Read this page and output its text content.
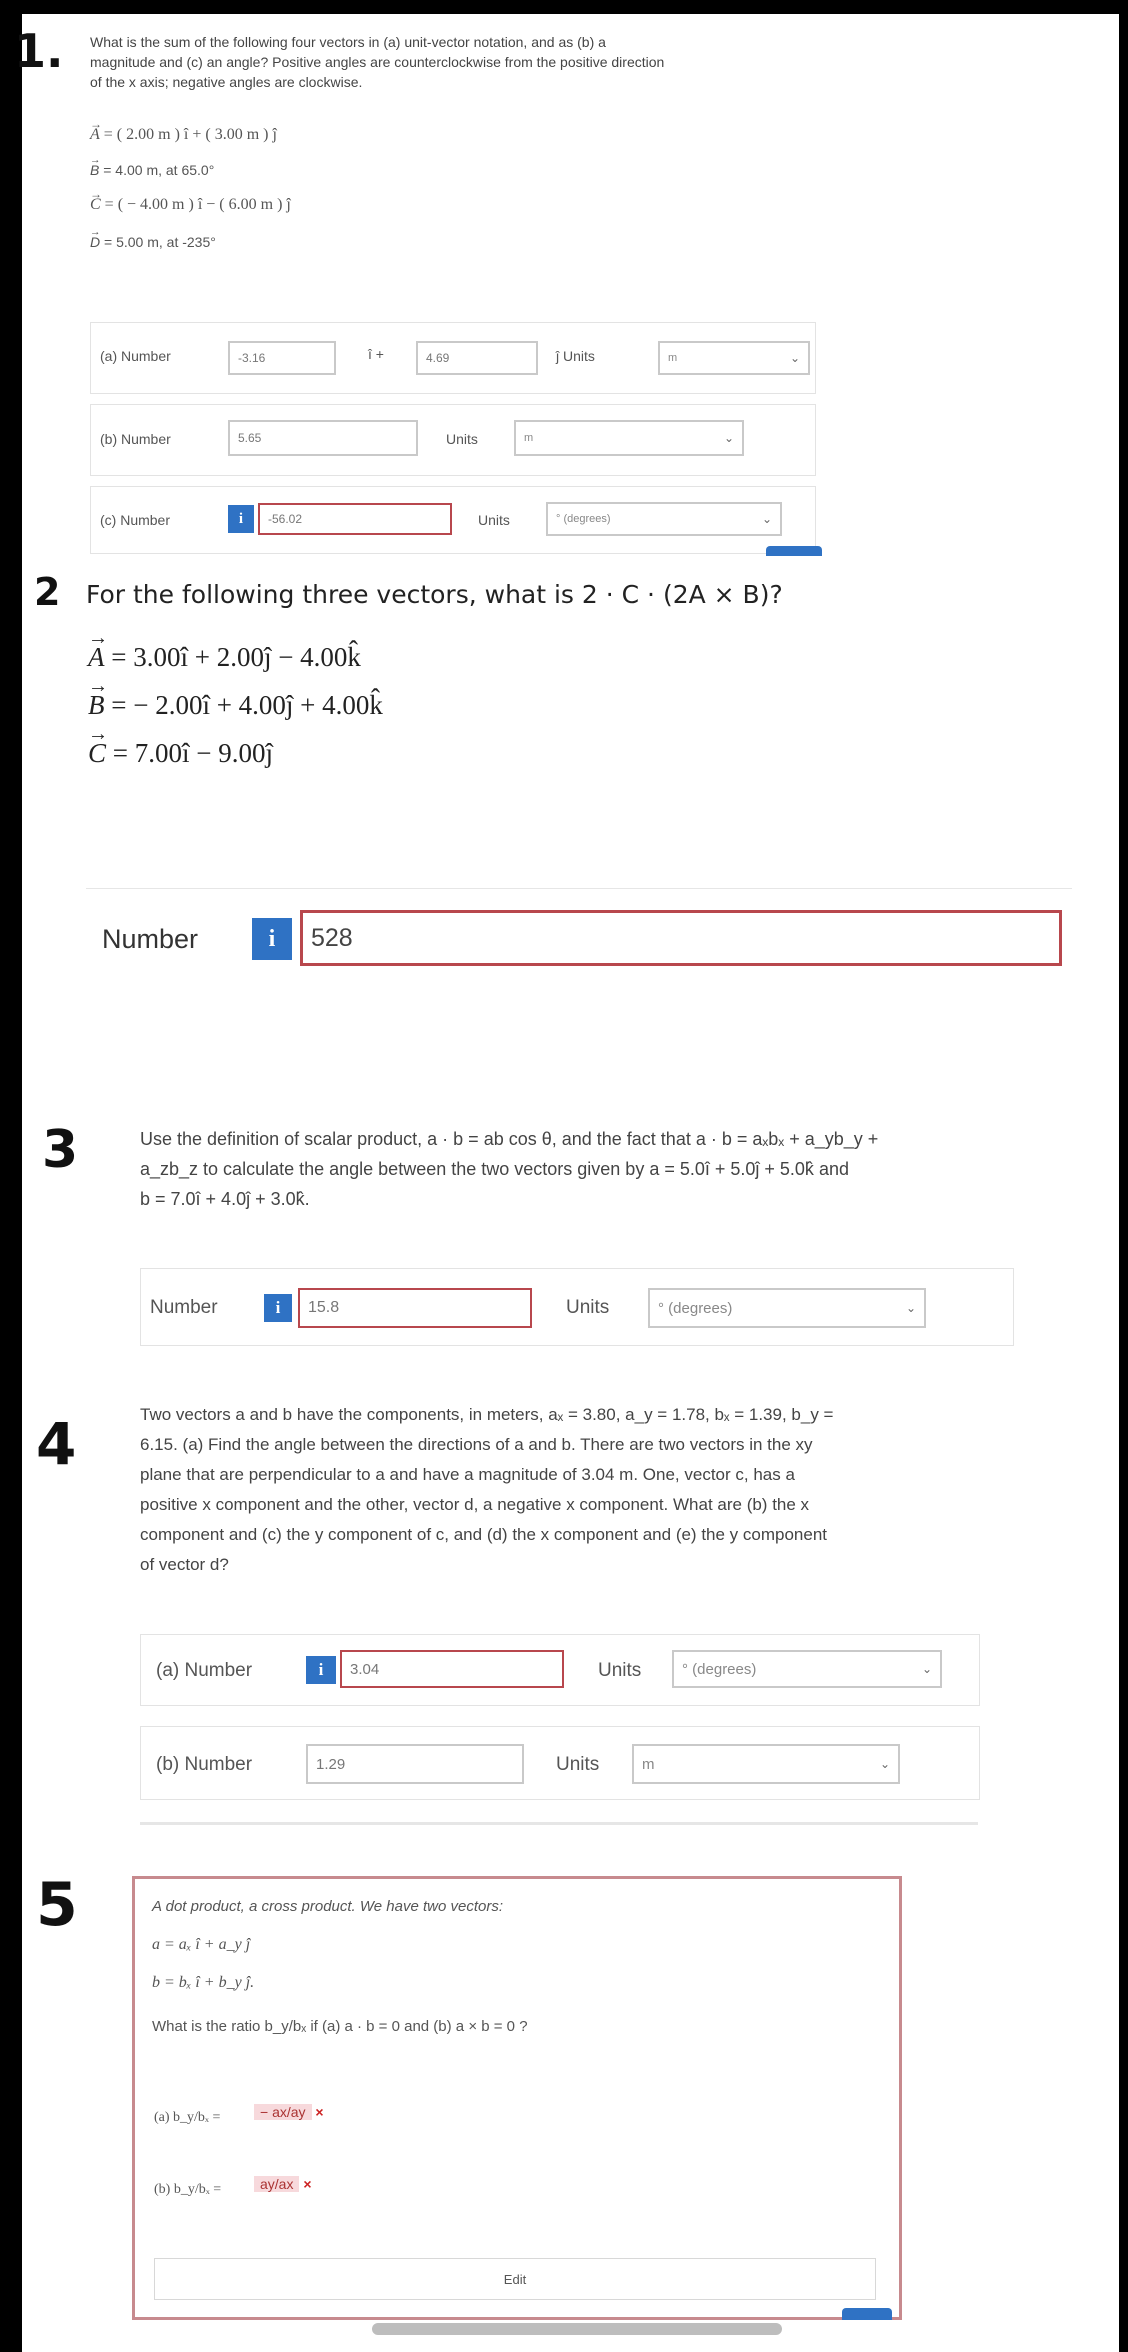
1. What is the sum of the following four vectors in (a) unit-vector notation, and as (b) a
magnitude and (c) an angle? Positive angles are counterclockwise from the positive direction
of the x axis; negative angles are clockwise.
→ A = ( 2.00 m ) î + ( 3.00 m ) ĵ
→ B = 4.00 m, at 65.0°
→ C = ( − 4.00 m ) î − ( 6.00 m ) ĵ
→ D = 5.00 m, at -235°
(a) Number	-3.16	î +	4.69	ĵ Units	m	⌄
(b) Number	5.65	Units	m	⌄
(c) Number	i	-56.02	Units	° (degrees)	⌄
2 For the following three vectors, what is 2 · C · (2A × B)?
→ A = 3.00î + 2.00ĵ − 4.00k̂
→ B = − 2.00î + 4.00ĵ + 4.00k̂
→ C = 7.00î − 9.00ĵ
Number	i	528
3	Use the definition of scalar product, a · b = ab cos θ, and the fact that a · b = aₓbₓ + a_yb_y +
a_zb_z to calculate the angle between the two vectors given by a = 5.0î + 5.0ĵ + 5.0k̂ and
b = 7.0î + 4.0ĵ + 3.0k̂.
Number	i	15.8	Units	° (degrees)	⌄
4	Two vectors a and b have the components, in meters, aₓ = 3.80, a_y = 1.78, bₓ = 1.39, b_y =
6.15. (a) Find the angle between the directions of a and b. There are two vectors in the xy
plane that are perpendicular to a and have a magnitude of 3.04 m. One, vector c, has a
positive x component and the other, vector d, a negative x component. What are (b) the x
component and (c) the y component of c, and (d) the x component and (e) the y component
of vector d?
(a) Number	i	3.04	Units	° (degrees)	⌄
(b) Number	1.29	Units	m	⌄
5	A dot product, a cross product. We have two vectors:
a = aₓ î + a_y ĵ
b = bₓ î + b_y ĵ.
What is the ratio b_y/bₓ if (a) a · b = 0 and (b) a × b = 0 ?
(a) b_y/bₓ =	− ax/ay ×
(b) b_y/bₓ =	ay/ax ×
Edit
